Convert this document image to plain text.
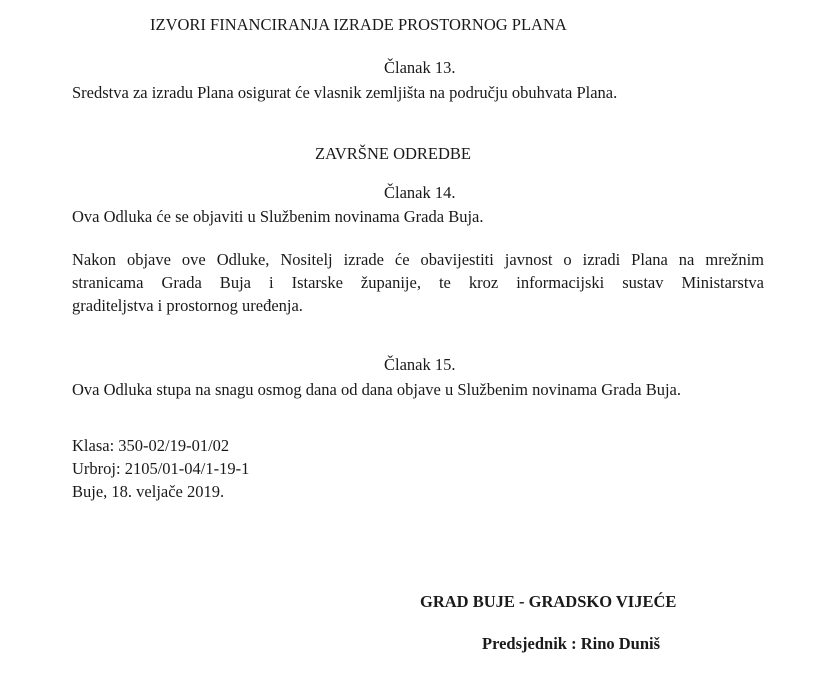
IZVORI FINANCIRANJA IZRADE PROSTORNOG PLANA
Članak 13.
Sredstva za izradu Plana osigurat će vlasnik zemljišta na području obuhvata Plana.
ZAVRŠNE ODREDBE
Članak 14.
Ova Odluka će se objaviti u Službenim novinama Grada Buja.
Nakon objave ove Odluke, Nositelj izrade će obavijestiti javnost o izradi Plana na mrežnim
stranicama Grada Buja i Istarske županije, te kroz informacijski sustav Ministarstva
graditeljstva i prostornog uređenja.
Članak 15.
Ova Odluka stupa na snagu osmog dana od dana objave u Službenim novinama Grada Buja.
Klasa: 350-02/19-01/02
Urbroj: 2105/01-04/1-19-1
Buje, 18. veljače 2019.
GRAD BUJE - GRADSKO VIJEĆE
Predsjednik : Rino Duniš
